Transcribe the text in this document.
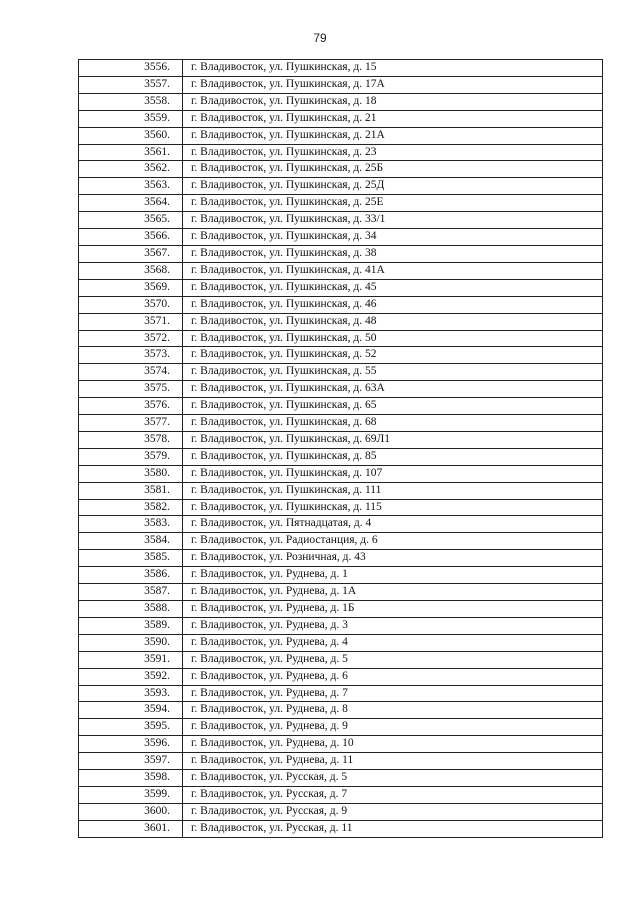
79
3556.	г. Владивосток, ул. Пушкинская, д. 15
3557.	г. Владивосток, ул. Пушкинская, д. 17А
3558.	г. Владивосток, ул. Пушкинская, д. 18
3559.	г. Владивосток, ул. Пушкинская, д. 21
3560.	г. Владивосток, ул. Пушкинская, д. 21А
3561.	г. Владивосток, ул. Пушкинская, д. 23
3562.	г. Владивосток, ул. Пушкинская, д. 25Б
3563.	г. Владивосток, ул. Пушкинская, д. 25Д
3564.	г. Владивосток, ул. Пушкинская, д. 25Е
3565.	г. Владивосток, ул. Пушкинская, д. 33/1
3566.	г. Владивосток, ул. Пушкинская, д. 34
3567.	г. Владивосток, ул. Пушкинская, д. 38
3568.	г. Владивосток, ул. Пушкинская, д. 41А
3569.	г. Владивосток, ул. Пушкинская, д. 45
3570.	г. Владивосток, ул. Пушкинская, д. 46
3571.	г. Владивосток, ул. Пушкинская, д. 48
3572.	г. Владивосток, ул. Пушкинская, д. 50
3573.	г. Владивосток, ул. Пушкинская, д. 52
3574.	г. Владивосток, ул. Пушкинская, д. 55
3575.	г. Владивосток, ул. Пушкинская, д. 63А
3576.	г. Владивосток, ул. Пушкинская, д. 65
3577.	г. Владивосток, ул. Пушкинская, д. 68
3578.	г. Владивосток, ул. Пушкинская, д. 69Л1
3579.	г. Владивосток, ул. Пушкинская, д. 85
3580.	г. Владивосток, ул. Пушкинская, д. 107
3581.	г. Владивосток, ул. Пушкинская, д. 111
3582.	г. Владивосток, ул. Пушкинская, д. 115
3583.	г. Владивосток, ул. Пятнадцатая, д. 4
3584.	г. Владивосток, ул. Радиостанция, д. 6
3585.	г. Владивосток, ул. Розничная, д. 43
3586.	г. Владивосток, ул. Руднева, д. 1
3587.	г. Владивосток, ул. Руднева, д. 1А
3588.	г. Владивосток, ул. Руднева, д. 1Б
3589.	г. Владивосток, ул. Руднева, д. 3
3590.	г. Владивосток, ул. Руднева, д. 4
3591.	г. Владивосток, ул. Руднева, д. 5
3592.	г. Владивосток, ул. Руднева, д. 6
3593.	г. Владивосток, ул. Руднева, д. 7
3594.	г. Владивосток, ул. Руднева, д. 8
3595.	г. Владивосток, ул. Руднева, д. 9
3596.	г. Владивосток, ул. Руднева, д. 10
3597.	г. Владивосток, ул. Руднева, д. 11
3598.	г. Владивосток, ул. Русская, д. 5
3599.	г. Владивосток, ул. Русская, д. 7
3600.	г. Владивосток, ул. Русская, д. 9
3601.	г. Владивосток, ул. Русская, д. 11
